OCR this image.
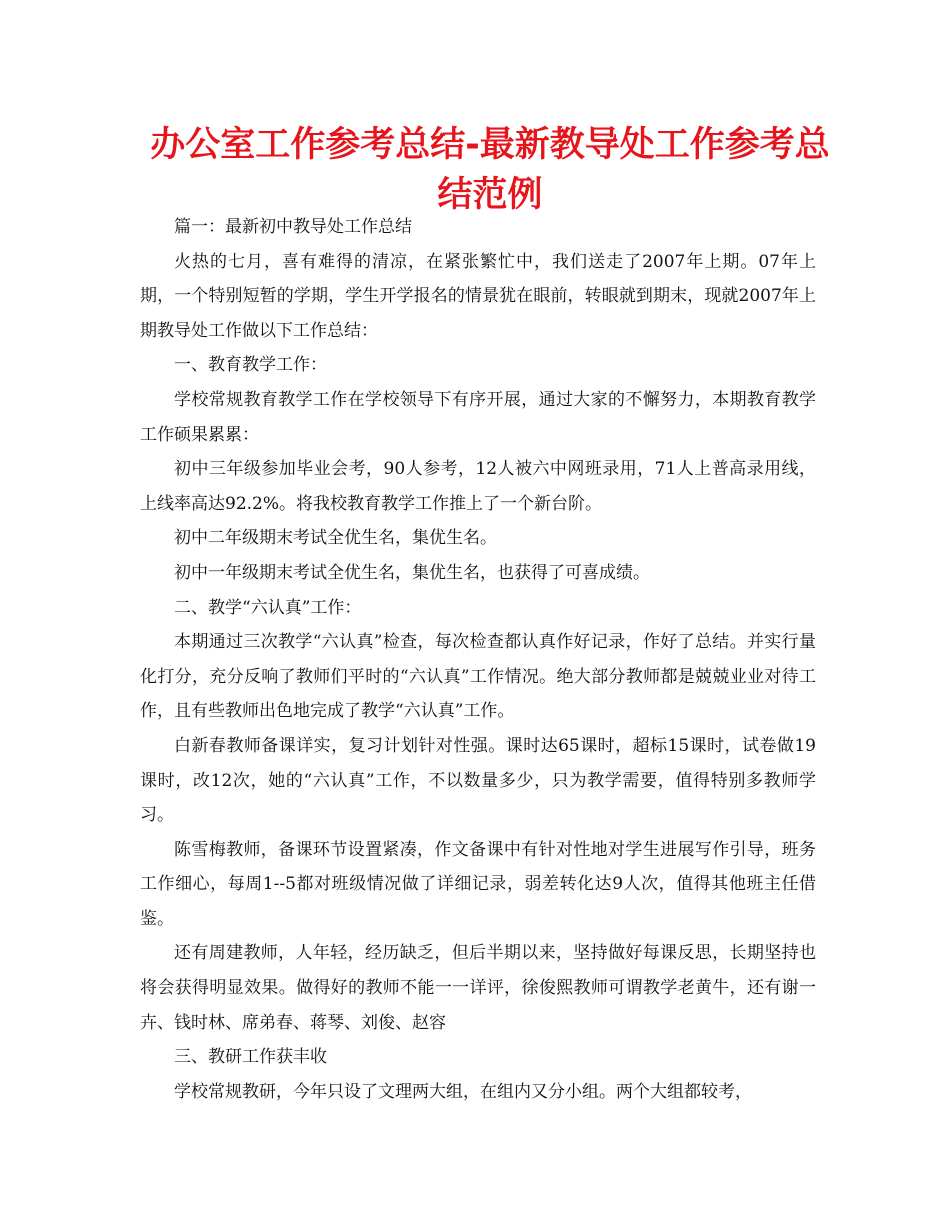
办公室工作参考总结-最新教导处工作参考总结范例

篇一：最新初中教导处工作总结

火热的七月，喜有难得的清凉，在紧张繁忙中，我们送走了2007年上期。07年上期，一个特别短暂的学期，学生开学报名的情景犹在眼前，转眼就到期末，现就2007年上期教导处工作做以下工作总结：

一、教育教学工作：

学校常规教育教学工作在学校领导下有序开展，通过大家的不懈努力，本期教育教学工作硕果累累：

初中三年级参加毕业会考，90人参考，12人被六中网班录用，71人上普高录用线，上线率高达92.2%。将我校教育教学工作推上了一个新台阶。

初中二年级期末考试全优生名，集优生名。

初中一年级期末考试全优生名，集优生名，也获得了可喜成绩。

二、教学“六认真”工作：

本期通过三次教学“六认真”检查，每次检查都认真作好记录，作好了总结。并实行量化打分，充分反响了教师们平时的“六认真”工作情况。绝大部分教师都是兢兢业业对待工作，且有些教师出色地完成了教学“六认真”工作。

白新春教师备课详实，复习计划针对性强。课时达65课时，超标15课时，试卷做19课时，改12次，她的“六认真”工作，不以数量多少，只为教学需要，值得特别多教师学习。

陈雪梅教师，备课环节设置紧凑，作文备课中有针对性地对学生进展写作引导，班务工作细心，每周1--5都对班级情况做了详细记录，弱差转化达9人次，值得其他班主任借鉴。

还有周建教师，人年轻，经历缺乏，但后半期以来，坚持做好每课反思，长期坚持也将会获得明显效果。做得好的教师不能一一详评，徐俊熙教师可谓教学老黄牛，还有谢一卉、钱时林、席弟春、蒋琴、刘俊、赵容

三、教研工作获丰收

学校常规教研，今年只设了文理两大组，在组内又分小组。两个大组都较考，
